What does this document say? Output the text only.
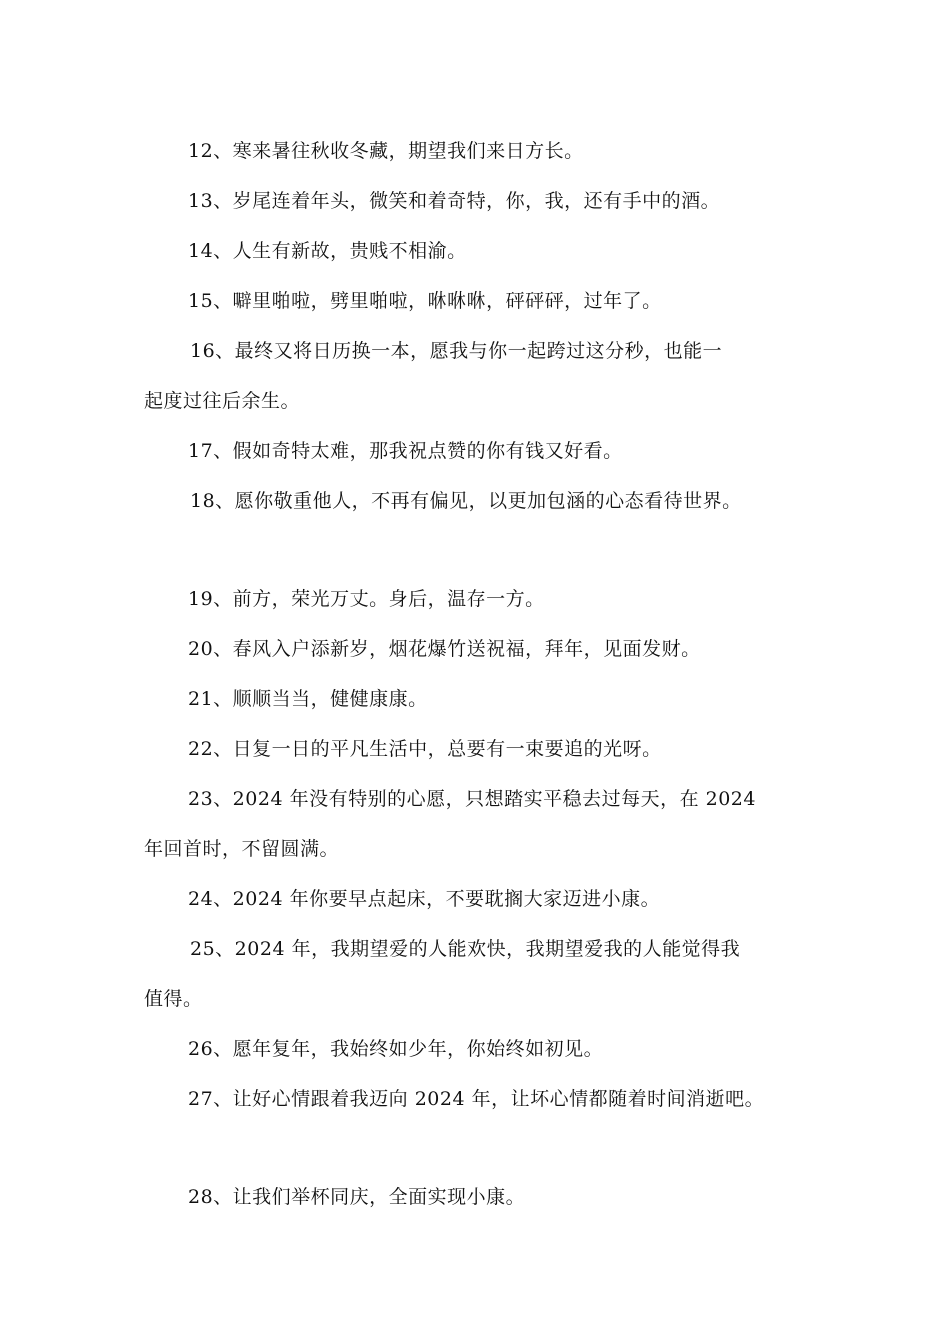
12、寒来暑往秋收冬藏，期望我们来日方长。
13、岁尾连着年头，微笑和着奇特，你，我，还有手中的酒。
14、人生有新故，贵贱不相渝。
15、噼里啪啦，劈里啪啦，咻咻咻，砰砰砰，过年了。
16、最终又将日历换一本，愿我与你一起跨过这分秒，也能一
起度过往后余生。
17、假如奇特太难，那我祝点赞的你有钱又好看。
18、愿你敬重他人，不再有偏见，以更加包涵的心态看待世界。
19、前方，荣光万丈。身后，温存一方。
20、春风入户添新岁，烟花爆竹送祝福，拜年，见面发财。
21、顺顺当当，健健康康。
22、日复一日的平凡生活中，总要有一束要追的光呀。
23、2024 年没有特别的心愿，只想踏实平稳去过每天，在 2024
年回首时，不留圆满。
24、2024 年你要早点起床，不要耽搁大家迈进小康。
25、2024 年，我期望爱的人能欢快，我期望爱我的人能觉得我
值得。
26、愿年复年，我始终如少年，你始终如初见。
27、让好心情跟着我迈向 2024 年，让坏心情都随着时间消逝吧。
28、让我们举杯同庆，全面实现小康。
